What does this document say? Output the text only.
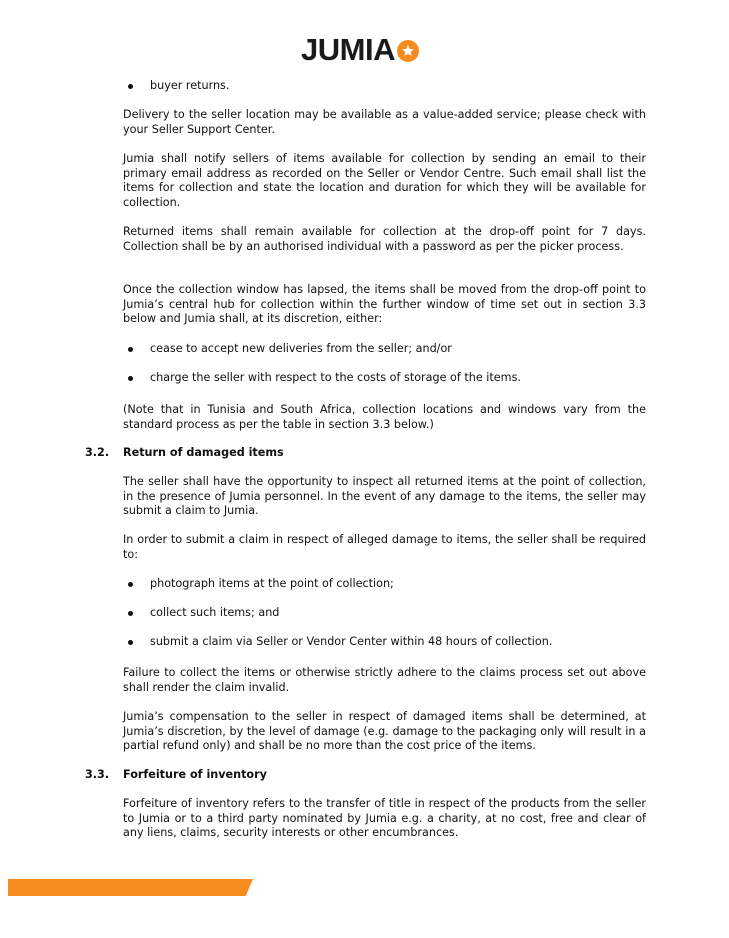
JUMIA
buyer returns.

Delivery to the seller location may be available as a value-added service; please check with your Seller Support Center.

Jumia shall notify sellers of items available for collection by sending an email to their primary email address as recorded on the Seller or Vendor Centre. Such email shall list the items for collection and state the location and duration for which they will be available for collection.

Returned items shall remain available for collection at the drop-off point for 7 days. Collection shall be by an authorised individual with a password as per the picker process.

Once the collection window has lapsed, the items shall be moved from the drop-off point to Jumia’s central hub for collection within the further window of time set out in section 3.3 below and Jumia shall, at its discretion, either:

cease to accept new deliveries from the seller; and/or
charge the seller with respect to the costs of storage of the items.

(Note that in Tunisia and South Africa, collection locations and windows vary from the standard process as per the table in section 3.3 below.)

3.2. Return of damaged items

The seller shall have the opportunity to inspect all returned items at the point of collection, in the presence of Jumia personnel. In the event of any damage to the items, the seller may submit a claim to Jumia.

In order to submit a claim in respect of alleged damage to items, the seller shall be required to:

photograph items at the point of collection;
collect such items; and
submit a claim via Seller or Vendor Center within 48 hours of collection.

Failure to collect the items or otherwise strictly adhere to the claims process set out above shall render the claim invalid.

Jumia’s compensation to the seller in respect of damaged items shall be determined, at Jumia’s discretion, by the level of damage (e.g. damage to the packaging only will result in a partial refund only) and shall be no more than the cost price of the items.

3.3. Forfeiture of inventory

Forfeiture of inventory refers to the transfer of title in respect of the products from the seller to Jumia or to a third party nominated by Jumia e.g. a charity, at no cost, free and clear of any liens, claims, security interests or other encumbrances.
